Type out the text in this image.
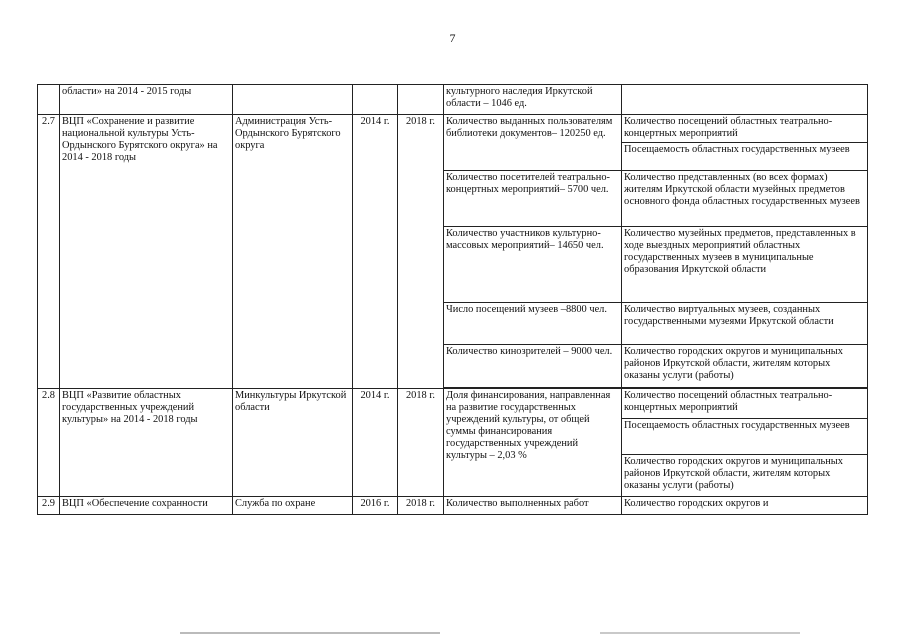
7
	области» на 2014 - 2015 годы				культурного наследия Иркутской области – 1046 ед.	
2.7	ВЦП «Сохранение и развитие национальной культуры Усть-Ордынского Бурятского округа» на 2014 - 2018 годы	Администрация Усть-Ордынского Бурятского округа	2014 г.	2018 г.	Количество выданных пользователям библиотеки документов– 120250 ед.	Количество посещений областных театрально-концертных мероприятий
						Посещаемость областных государственных музеев
					Количество посетителей театрально-концертных мероприятий– 5700 чел.	Количество представленных (во всех формах) жителям Иркутской области музейных предметов основного фонда областных государственных музеев
					Количество участников культурно-массовых мероприятий– 14650 чел.	Количество музейных предметов, представленных в ходе выездных мероприятий областных государственных музеев в муниципальные образования Иркутской области
					Число посещений музеев –8800 чел.	Количество виртуальных музеев, созданных государственными музеями Иркутской области
					Количество кинозрителей – 9000 чел.	Количество городских округов и муниципальных районов Иркутской области, жителям которых оказаны услуги (работы)

2.8	ВЦП «Развитие областных государственных учреждений культуры» на 2014 - 2018 годы	Минкультуры Иркутской области	2014 г.	2018 г.	Доля финансирования, направленная на развитие государственных учреждений культуры, от общей суммы финансирования государственных учреждений культуры – 2,03 %	Количество посещений областных театрально-концертных мероприятий
						Посещаемость областных государственных музеев
						Количество городских округов и муниципальных районов Иркутской области, жителям которых оказаны услуги (работы)
2.9	ВЦП «Обеспечение сохранности	Служба по охране	2016 г.	2018 г.	Количество выполненных работ	Количество городских округов и
